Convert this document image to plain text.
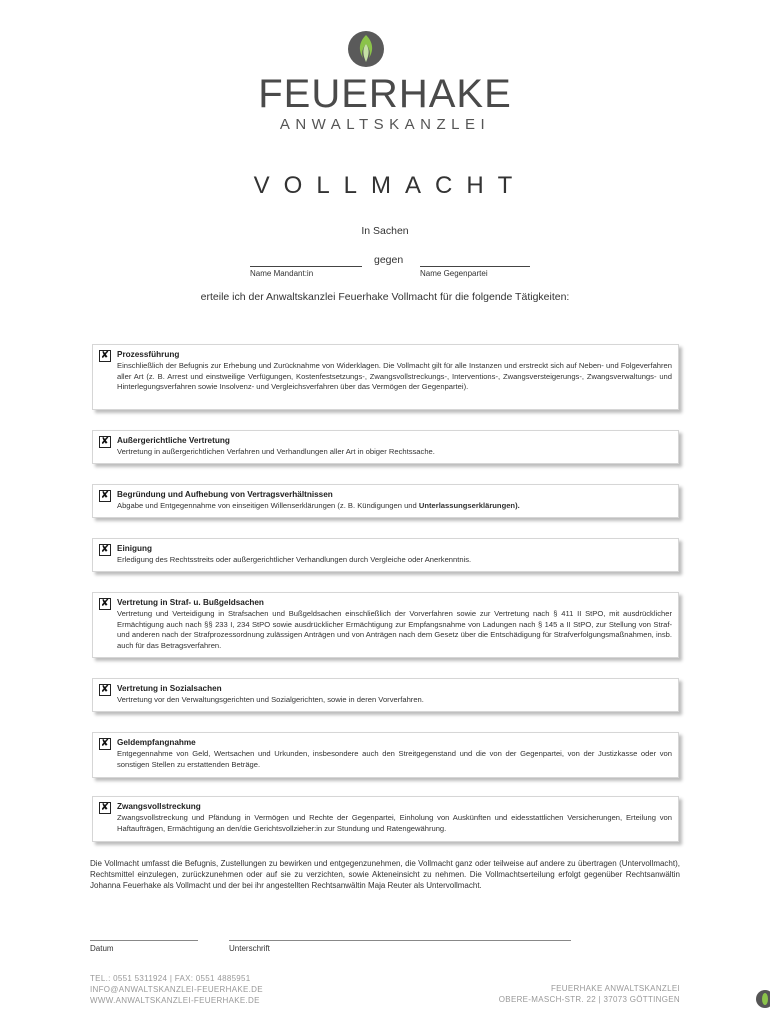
FEUERHAKE
ANWALTSKANZLEI
VOLLMACHT
In Sachen
gegen
Name Mandant:in	Name Gegenpartei
erteile ich der Anwaltskanzlei Feuerhake Vollmacht für die folgende Tätigkeiten:
✘ Prozessführung
Einschließlich der Befugnis zur Erhebung und Zurücknahme von Widerklagen. Die Vollmacht gilt für alle Instanzen und erstreckt sich auf Neben- und Folgeverfahren aller Art (z. B. Arrest und einstweilige Verfügungen, Kostenfestsetzungs-, Zwangsvollstreckungs-, Interventions-, Zwangsversteigerungs-, Zwangsverwaltungs- und Hinterlegungsverfahren sowie Insolvenz- und Vergleichsverfahren über das Vermögen der Gegenpartei).
✘ Außergerichtliche Vertretung
Vertretung in außergerichtlichen Verfahren und Verhandlungen aller Art in obiger Rechtssache.
✘ Begründung und Aufhebung von Vertragsverhältnissen
Abgabe und Entgegennahme von einseitigen Willenserklärungen (z. B. Kündigungen und Unterlassungserklärungen).
✘ Einigung
Erledigung des Rechtsstreits oder außergerichtlicher Verhandlungen durch Vergleiche oder Anerkenntnis.
✘ Vertretung in Straf- u. Bußgeldsachen
Vertretung und Verteidigung in Strafsachen und Bußgeldsachen einschließlich der Vorverfahren sowie zur Vertretung nach § 411 II StPO, mit ausdrücklicher Ermächtigung auch nach §§ 233 I, 234 StPO sowie ausdrücklicher Ermächtigung zur Empfangsnahme von Ladungen nach § 145 a II StPO, zur Stellung von Straf- und anderen nach der Strafprozessordnung zulässigen Anträgen und von Anträgen nach dem Gesetz über die Entschädigung für Strafverfolgungsmaßnahmen, insb. auch für das Betragsverfahren.
✘ Vertretung in Sozialsachen
Vertretung vor den Verwaltungsgerichten und Sozialgerichten, sowie in deren Vorverfahren.
✘ Geldempfangnahme
Entgegennahme von Geld, Wertsachen und Urkunden, insbesondere auch den Streitgegenstand und die von der Gegenpartei, von der Justizkasse oder von sonstigen Stellen zu erstattenden Beträge.
✘ Zwangsvollstreckung
Zwangsvollstreckung und Pfändung in Vermögen und Rechte der Gegenpartei, Einholung von Auskünften und eidesstattlichen Versicherungen, Erteilung von Haftaufträgen, Ermächtigung an den/die Gerichtsvollzieher:in zur Stundung und Ratengewährung.
Die Vollmacht umfasst die Befugnis, Zustellungen zu bewirken und entgegenzunehmen, die Vollmacht ganz oder teilweise auf andere zu übertragen (Untervollmacht), Rechtsmittel einzulegen, zurückzunehmen oder auf sie zu verzichten, sowie Akteneinsicht zu nehmen. Die Vollmachtserteilung erfolgt gegenüber Rechtsanwältin Johanna Feuerhake als Vollmacht und der bei ihr angestellten Rechtsanwältin Maja Reuter als Untervollmacht.
Datum	Unterschrift
TEL.: 0551 5311924 | FAX: 0551 4885951
INFO@ANWALTSKANZLEI-FEUERHAKE.DE
WWW.ANWALTSKANZLEI-FEUERHAKE.DE
FEUERHAKE ANWALTSKANZLEI
OBERE-MASCH-STR. 22 | 37073 GÖTTINGEN
